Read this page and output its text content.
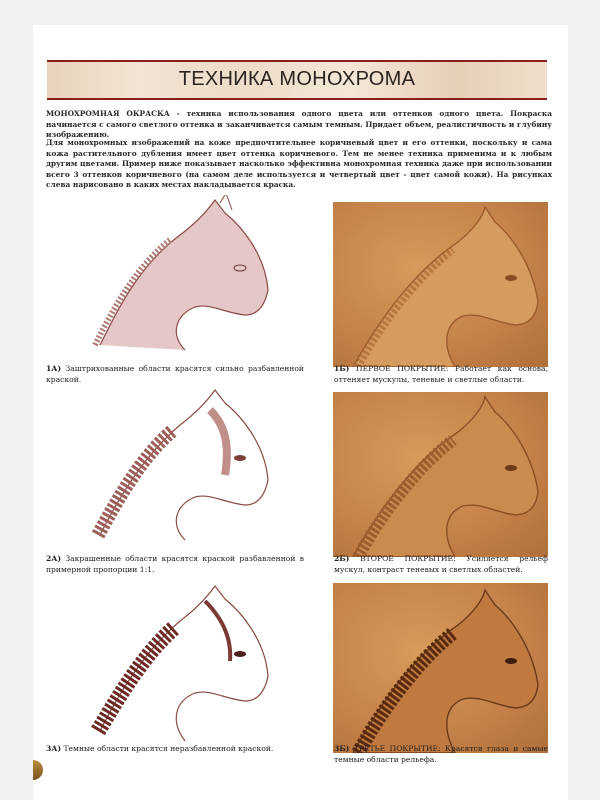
ТЕХНИКА МОНОХРОМА
МОНОХРОМНАЯ ОКРАСКА - техника использования одного цвета или оттенков одного цвета. Покраска начинается с самого светлого оттенка и заканчивается самым темным. Придает объем, реалистичность и глубину изображению.
Для монохромных изображений на коже предпочтительнее коричневый цвет и его оттенки, поскольку и сама кожа растительного дубления имеет цвет оттенка коричневого. Тем не менее техника применима и к любым другим цветами. Пример ниже показывает насколько эффективна монохромная техника даже при использовании всего 3 оттенков коричневого (на самом деле используется и четвертый цвет - цвет самой кожи). На рисунках слева нарисовано в каких местах накладывается краска.
1А) Заштрихованные области красятся сильно разбавленной краской.
1Б) ПЕРВОЕ ПОКРЫТИЕ: Работает как основа, оттеняет мускулы, теневые и светлые области.
2А) Закрашенные области красятся краской разбавленной в примерной пропорции 1:1.
2Б) ВТОРОЕ ПОКРЫТИЕ: Усиляется рельеф мускул, контраст теневых и светлых областей.
3А) Темные области красятся неразбавленной краской.	3Б) ТРЕТЬЕ ПОКРЫТИЕ: Красятся глаза и самые темные области рельефа.
